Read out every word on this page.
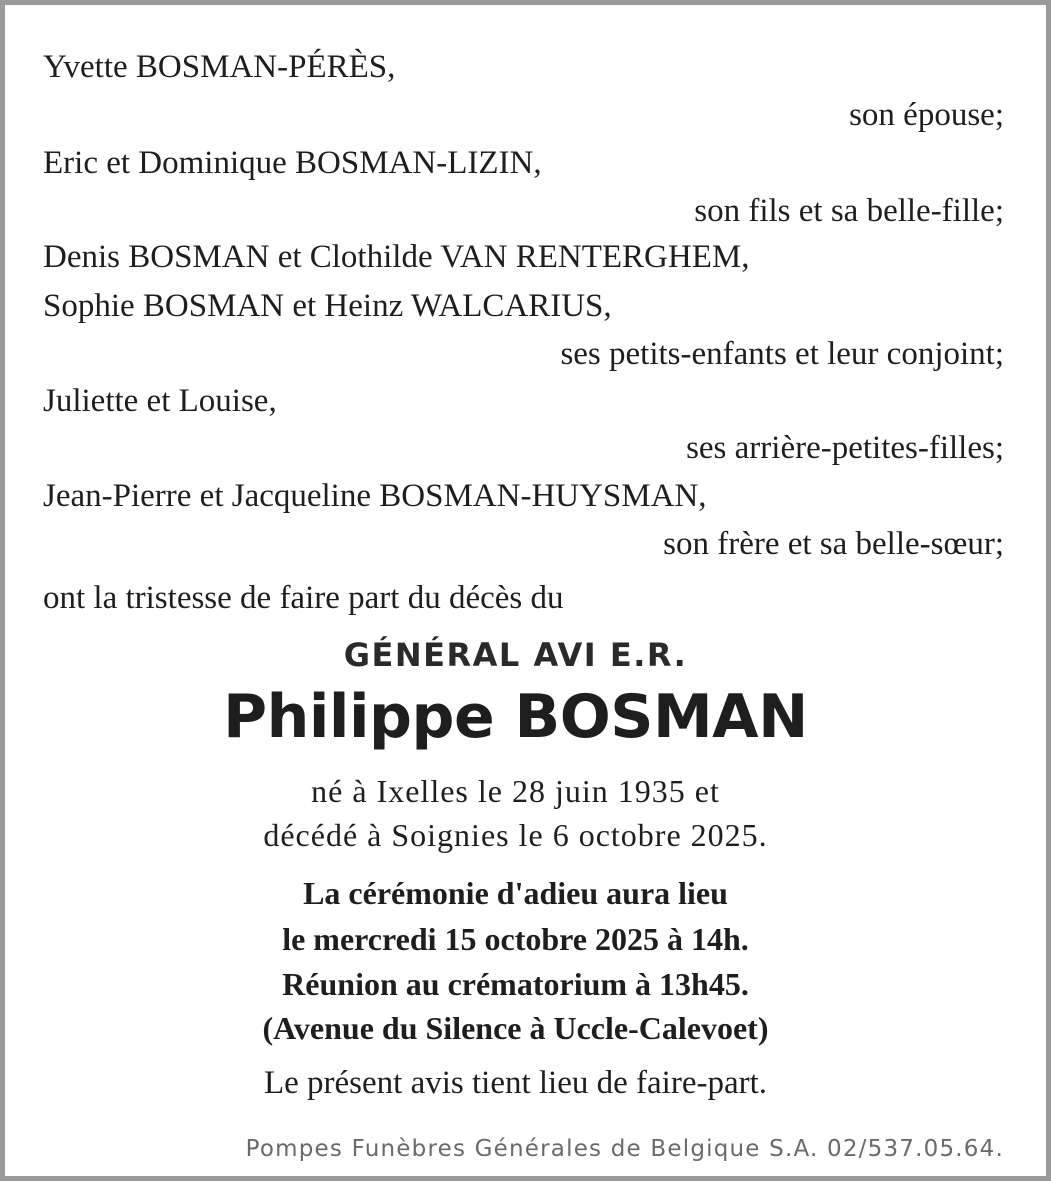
Yvette BOSMAN-PÉRÈS,
son épouse;
Eric et Dominique BOSMAN-LIZIN,
son fils et sa belle-fille;
Denis BOSMAN et Clothilde VAN RENTERGHEM,
Sophie BOSMAN et Heinz WALCARIUS,
ses petits-enfants et leur conjoint;
Juliette et Louise,
ses arrière-petites-filles;
Jean-Pierre et Jacqueline BOSMAN-HUYSMAN,
son frère et sa belle-sœur;
ont la tristesse de faire part du décès du
GÉNÉRAL AVI E.R.
Philippe BOSMAN
né à Ixelles le 28 juin 1935 et
décédé à Soignies le 6 octobre 2025.
La cérémonie d'adieu aura lieu
le mercredi 15 octobre 2025 à 14h.
Réunion au crématorium à 13h45.
(Avenue du Silence à Uccle-Calevoet)
Le présent avis tient lieu de faire-part.
Pompes Funèbres Générales de Belgique S.A. 02/537.05.64.
